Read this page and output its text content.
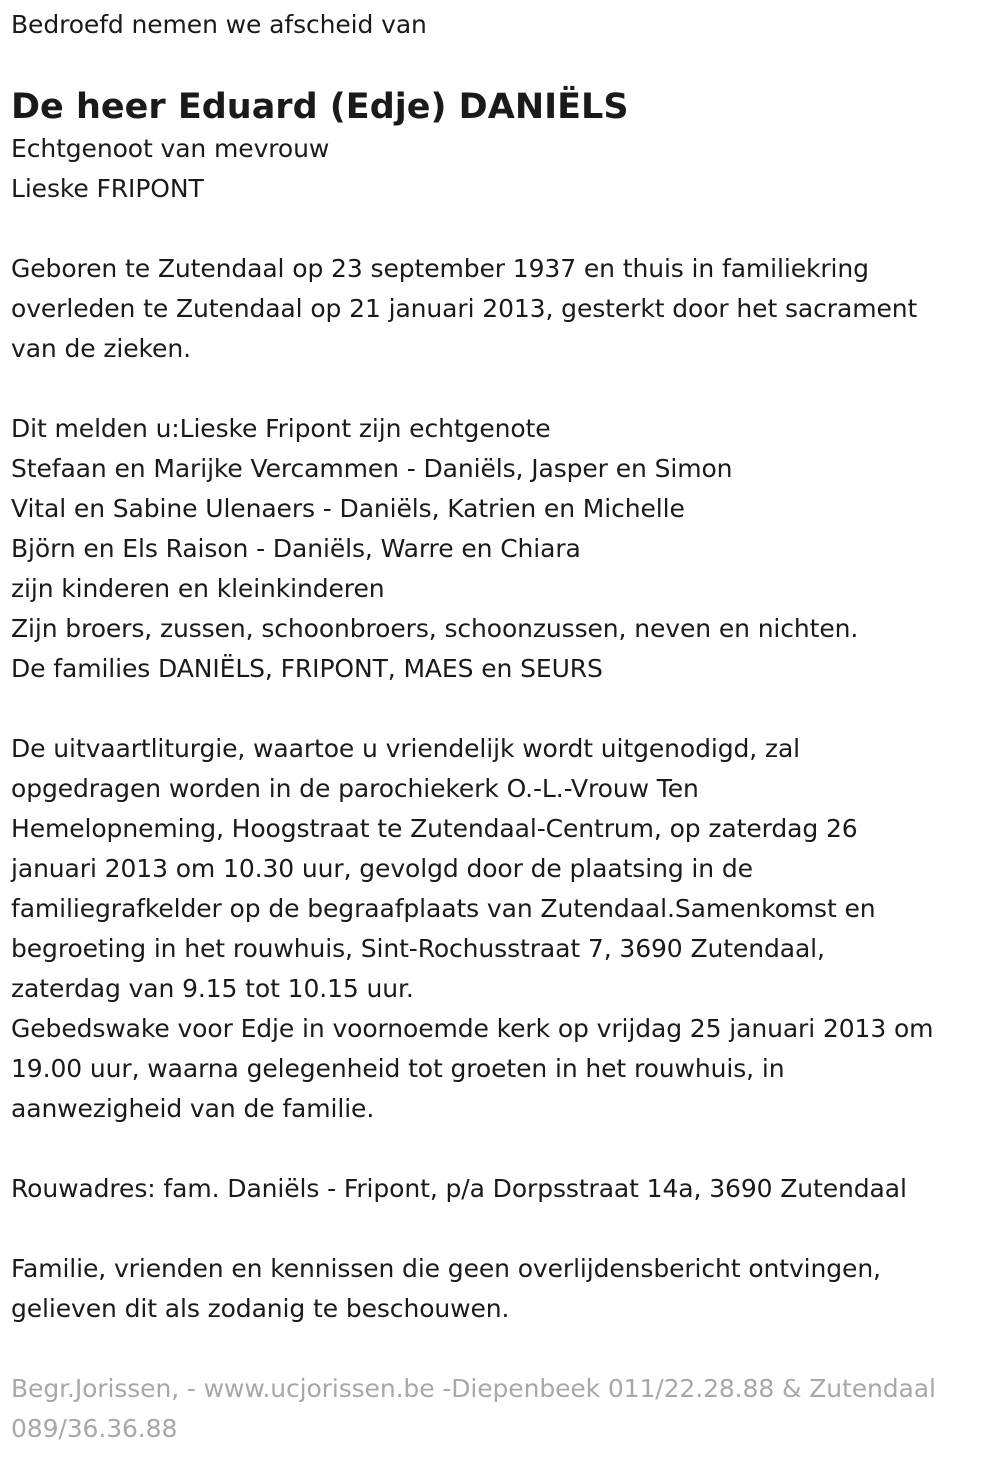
Bedroefd nemen we afscheid van
De heer Eduard (Edje) DANIËLS
Echtgenoot van mevrouw
Lieske FRIPONT
Geboren te Zutendaal op 23 september 1937 en thuis in familiekring
overleden te Zutendaal op 21 januari 2013, gesterkt door het sacrament
van de zieken.
Dit melden u:Lieske Fripont zijn echtgenote
Stefaan en Marijke Vercammen - Daniëls, Jasper en Simon
Vital en Sabine Ulenaers - Daniëls, Katrien en Michelle
Björn en Els Raison - Daniëls, Warre en Chiara
zijn kinderen en kleinkinderen
Zijn broers, zussen, schoonbroers, schoonzussen, neven en nichten.
De families DANIËLS, FRIPONT, MAES en SEURS
De uitvaartliturgie, waartoe u vriendelijk wordt uitgenodigd, zal
opgedragen worden in de parochiekerk O.-L.-Vrouw Ten
Hemelopneming, Hoogstraat te Zutendaal-Centrum, op zaterdag 26
januari 2013 om 10.30 uur, gevolgd door de plaatsing in de
familiegrafkelder op de begraafplaats van Zutendaal.Samenkomst en
begroeting in het rouwhuis, Sint-Rochusstraat 7, 3690 Zutendaal,
zaterdag van 9.15 tot 10.15 uur.
Gebedswake voor Edje in voornoemde kerk op vrijdag 25 januari 2013 om
19.00 uur, waarna gelegenheid tot groeten in het rouwhuis, in
aanwezigheid van de familie.
Rouwadres: fam. Daniëls - Fripont, p/a Dorpsstraat 14a, 3690 Zutendaal
Familie, vrienden en kennissen die geen overlijdensbericht ontvingen,
gelieven dit als zodanig te beschouwen.
Begr.Jorissen, - www.ucjorissen.be -Diepenbeek 011/22.28.88 & Zutendaal
089/36.36.88
